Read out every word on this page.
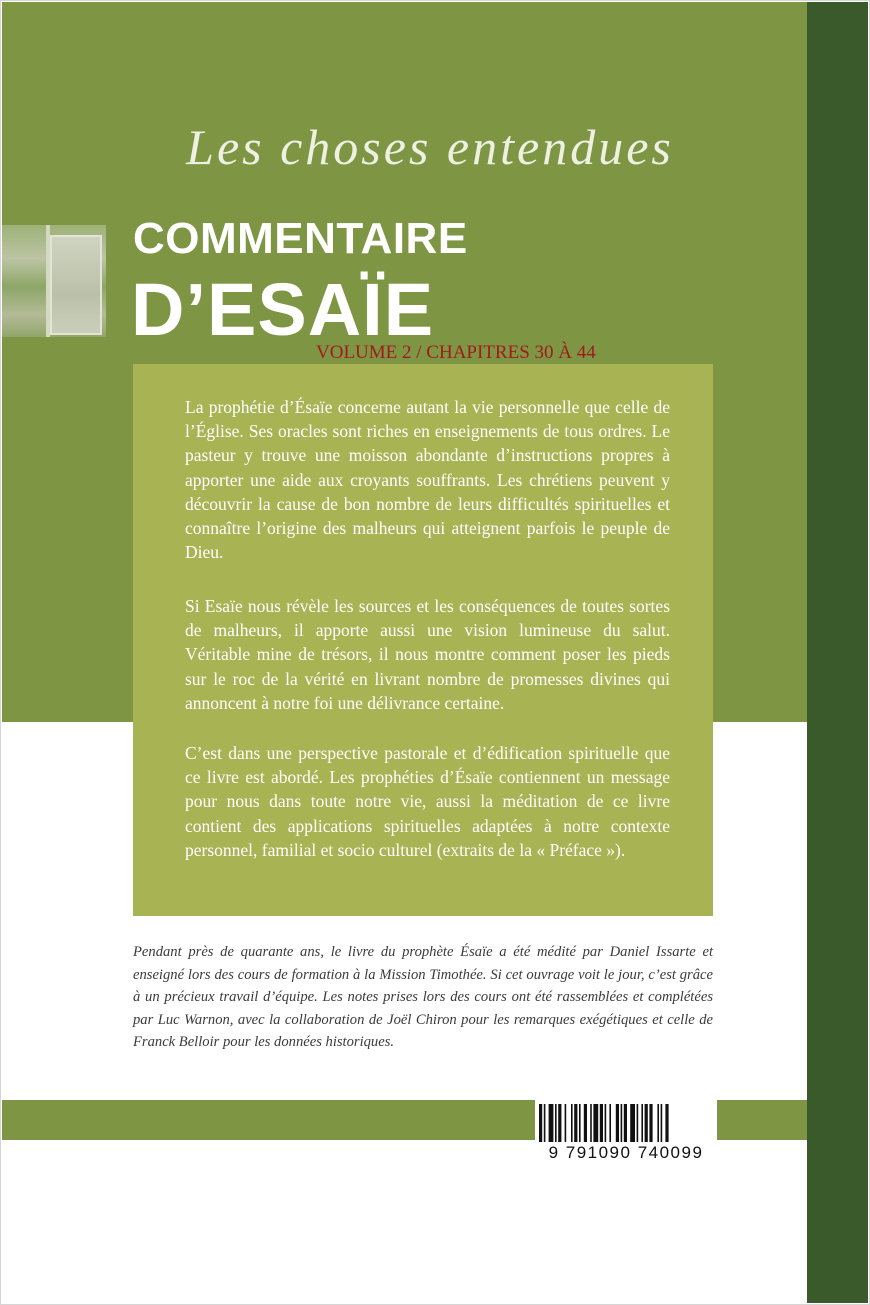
Les choses entendues
COMMENTAIRE
D’ESAÏE
VOLUME 2 / CHAPITRES 30 À 44

La prophétie d’Ésaïe concerne autant la vie personnelle que celle de l’Église. Ses oracles sont riches en enseignements de tous ordres. Le pasteur y trouve une moisson abondante d’instructions propres à apporter une aide aux croyants souffrants. Les chrétiens peuvent y découvrir la cause de bon nombre de leurs difficultés spirituelles et connaître l’origine des malheurs qui atteignent parfois le peuple de Dieu.

Si Esaïe nous révèle les sources et les conséquences de toutes sortes de malheurs, il apporte aussi une vision lumineuse du salut. Véritable mine de trésors, il nous montre comment poser les pieds sur le roc de la vérité en livrant nombre de promesses divines qui annoncent à notre foi une délivrance certaine.

C’est dans une perspective pastorale et d’édification spirituelle que ce livre est abordé. Les prophéties d’Ésaïe contiennent un message pour nous dans toute notre vie, aussi la méditation de ce livre contient des applications spirituelles adaptées à notre contexte personnel, familial et socio culturel (extraits de la « Préface »).

Pendant près de quarante ans, le livre du prophète Ésaïe a été médité par Daniel Issarte et enseigné lors des cours de formation à la Mission Timothée. Si cet ouvrage voit le jour, c’est grâce à un précieux travail d’équipe. Les notes prises lors des cours ont été rassemblées et complétées par Luc Warnon, avec la collaboration de Joël Chiron pour les remarques exégétiques et celle de Franck Belloir pour les données historiques.

9 791090 740099
